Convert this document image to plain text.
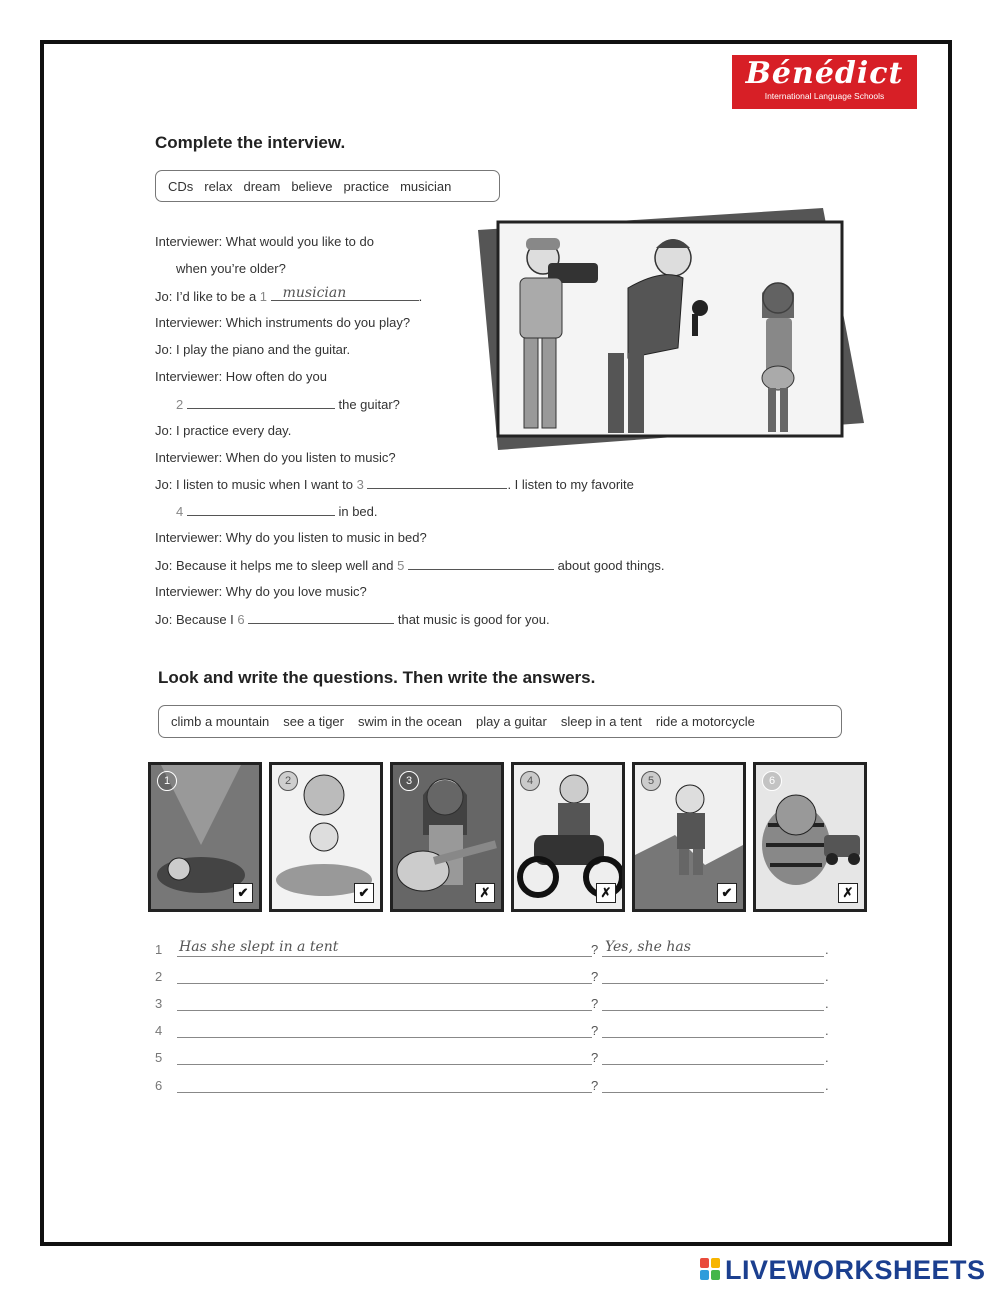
Bénédict
International Language Schools
Complete the interview.
CDs relax dream believe practice musician
Interviewer: What would you like to do
when you’re older?
Jo: I’d like to be a 1 musician	.
Interviewer: Which instruments do you play?
Jo: I play the piano and the guitar.
Interviewer: How often do you
2	the guitar?
Jo: I practice every day.
Interviewer: When do you listen to music?
Jo: I listen to music when I want to 3	. I listen to my favorite
4	in bed.
Interviewer: Why do you listen to music in bed?
Jo: Because it helps me to sleep well and 5	about good things.
Interviewer: Why do you love music?
Jo: Because I 6	that music is good for you.
Look and write the questions. Then write the answers.
climb a mountain see a tiger swim in the ocean play a guitar sleep in a tent ride a motorcycle
1
✔
2
✔
3
✗
4
✗
5
✔
6
✗
1 Has she slept in a tent	? Yes, she has	.
2	?	.
3	?	.
4	?	.
5	?	.
6	?	.
LIVEWORKSHEETS
